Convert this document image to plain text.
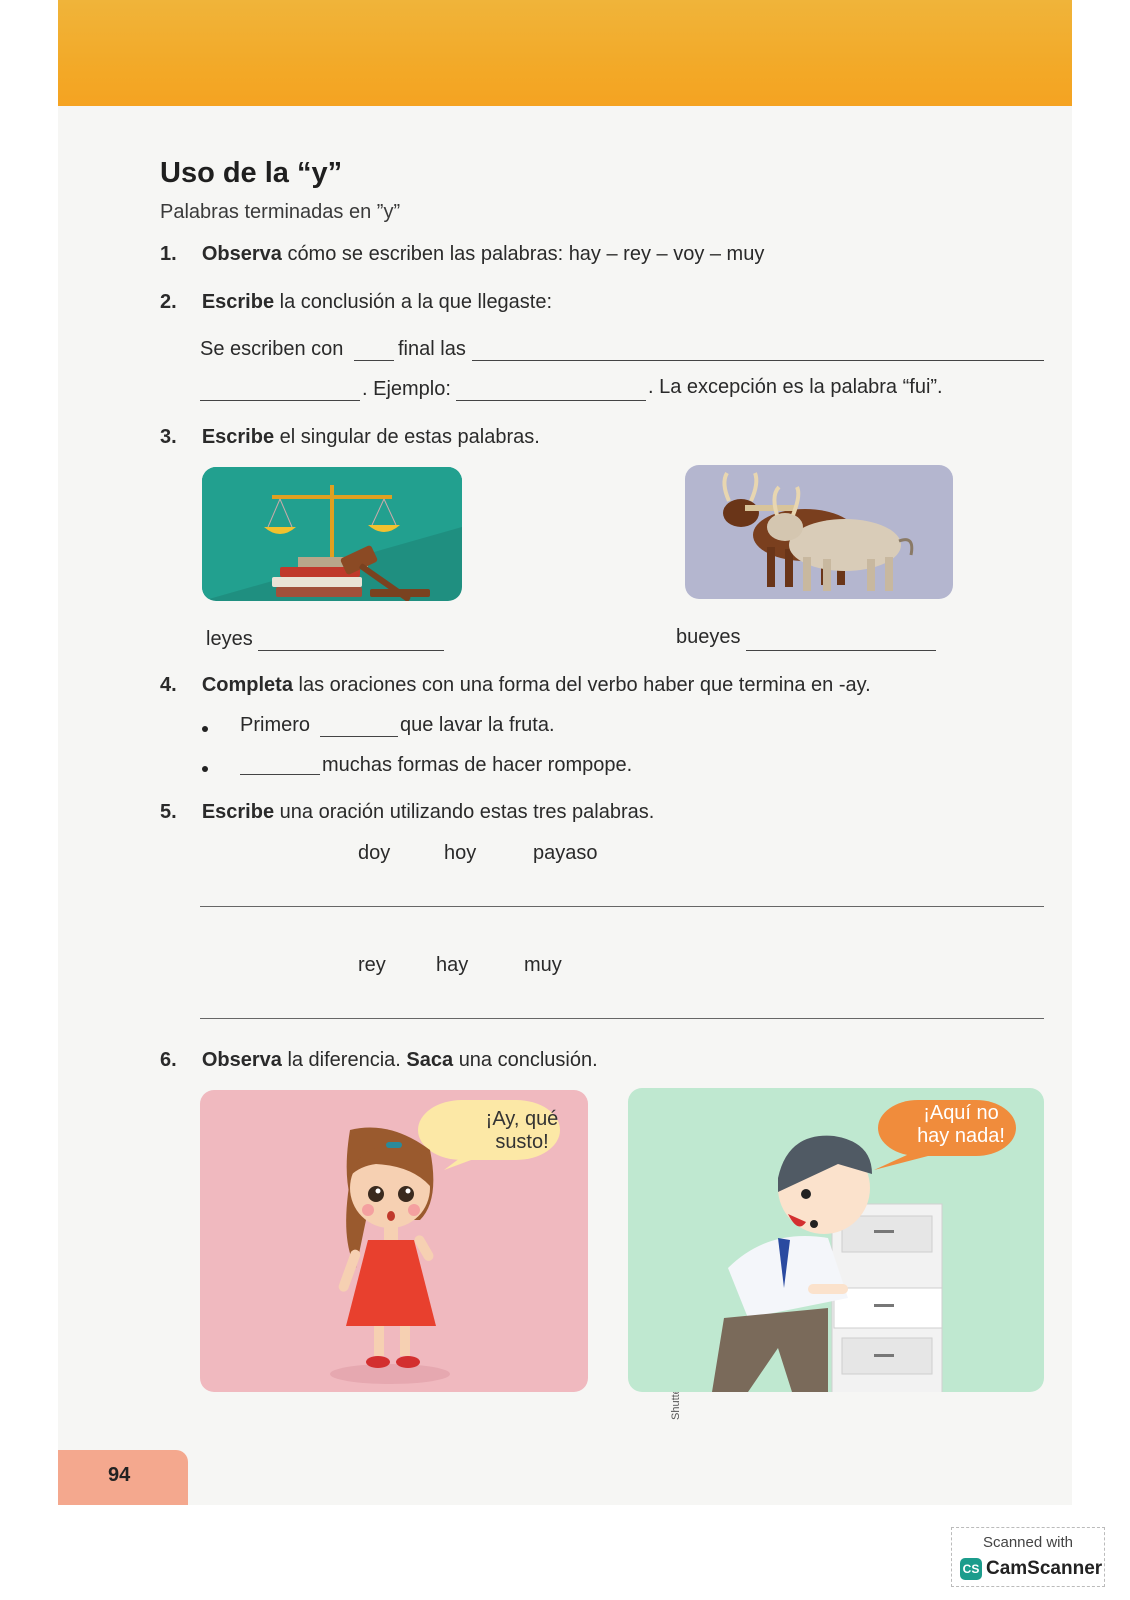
Uso de la “y”
Palabras terminadas en ”y”
1. Observa cómo se escriben las palabras: hay – rey – voy – muy
2. Escribe la conclusión a la que llegaste:
Se escriben con	final las
. Ejemplo:	. La excepción es la palabra “fui”.
3. Escribe el singular de estas palabras.
leyes	bueyes
4. Completa las oraciones con una forma del verbo haber que termina en -ay.
Primero	que lavar la fruta.
muchas formas de hacer rompope.
5. Escribe una oración utilizando estas tres palabras.
doy	hoy	payaso
rey	hay	muy
6. Observa la diferencia. Saca una conclusión.
¡Ay, qué
susto!
¡Aquí no
hay nada!
94
Scanned with
CS CamScanner
